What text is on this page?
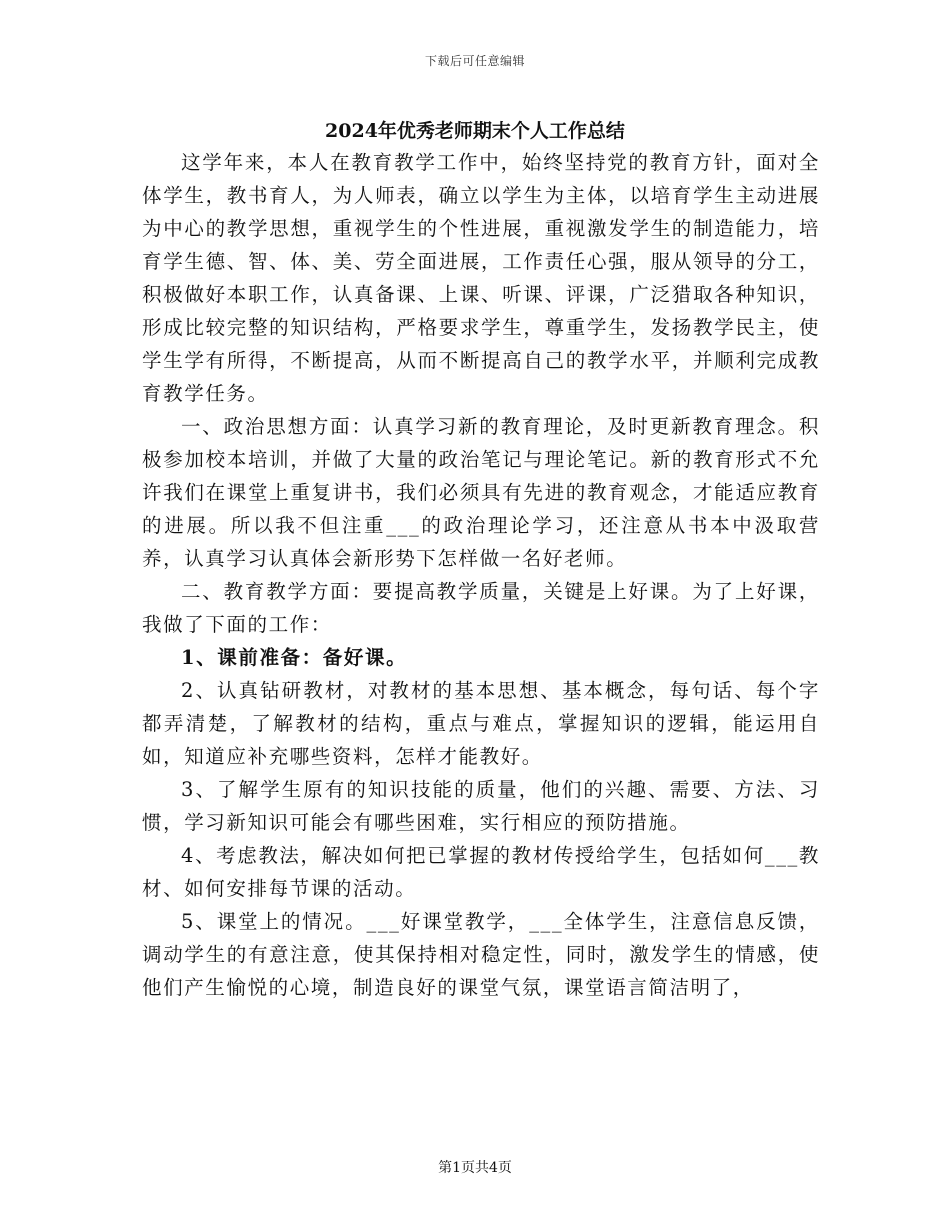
下载后可任意编辑
2024年优秀老师期末个人工作总结

这学年来，本人在教育教学工作中，始终坚持党的教育方针，面对全体学生，教书育人，为人师表，确立以学生为主体，以培育学生主动进展为中心的教学思想，重视学生的个性进展，重视激发学生的制造能力，培育学生德、智、体、美、劳全面进展，工作责任心强，服从领导的分工，积极做好本职工作，认真备课、上课、听课、评课，广泛猎取各种知识，形成比较完整的知识结构，严格要求学生，尊重学生，发扬教学民主，使学生学有所得，不断提高，从而不断提高自己的教学水平，并顺利完成教育教学任务。

一、政治思想方面：认真学习新的教育理论，及时更新教育理念。积极参加校本培训，并做了大量的政治笔记与理论笔记。新的教育形式不允许我们在课堂上重复讲书，我们必须具有先进的教育观念，才能适应教育的进展。所以我不但注重___的政治理论学习，还注意从书本中汲取营养，认真学习认真体会新形势下怎样做一名好老师。

二、教育教学方面：要提高教学质量，关键是上好课。为了上好课，我做了下面的工作：

1、课前准备：备好课。

2、认真钻研教材，对教材的基本思想、基本概念，每句话、每个字都弄清楚，了解教材的结构，重点与难点，掌握知识的逻辑，能运用自如，知道应补充哪些资料，怎样才能教好。

3、了解学生原有的知识技能的质量，他们的兴趣、需要、方法、习惯，学习新知识可能会有哪些困难，实行相应的预防措施。

4、考虑教法，解决如何把已掌握的教材传授给学生，包括如何___教材、如何安排每节课的活动。

5、课堂上的情况。___好课堂教学，___全体学生，注意信息反馈，调动学生的有意注意，使其保持相对稳定性，同时，激发学生的情感，使他们产生愉悦的心境，制造良好的课堂气氛，课堂语言简洁明了，

第1页共4页
